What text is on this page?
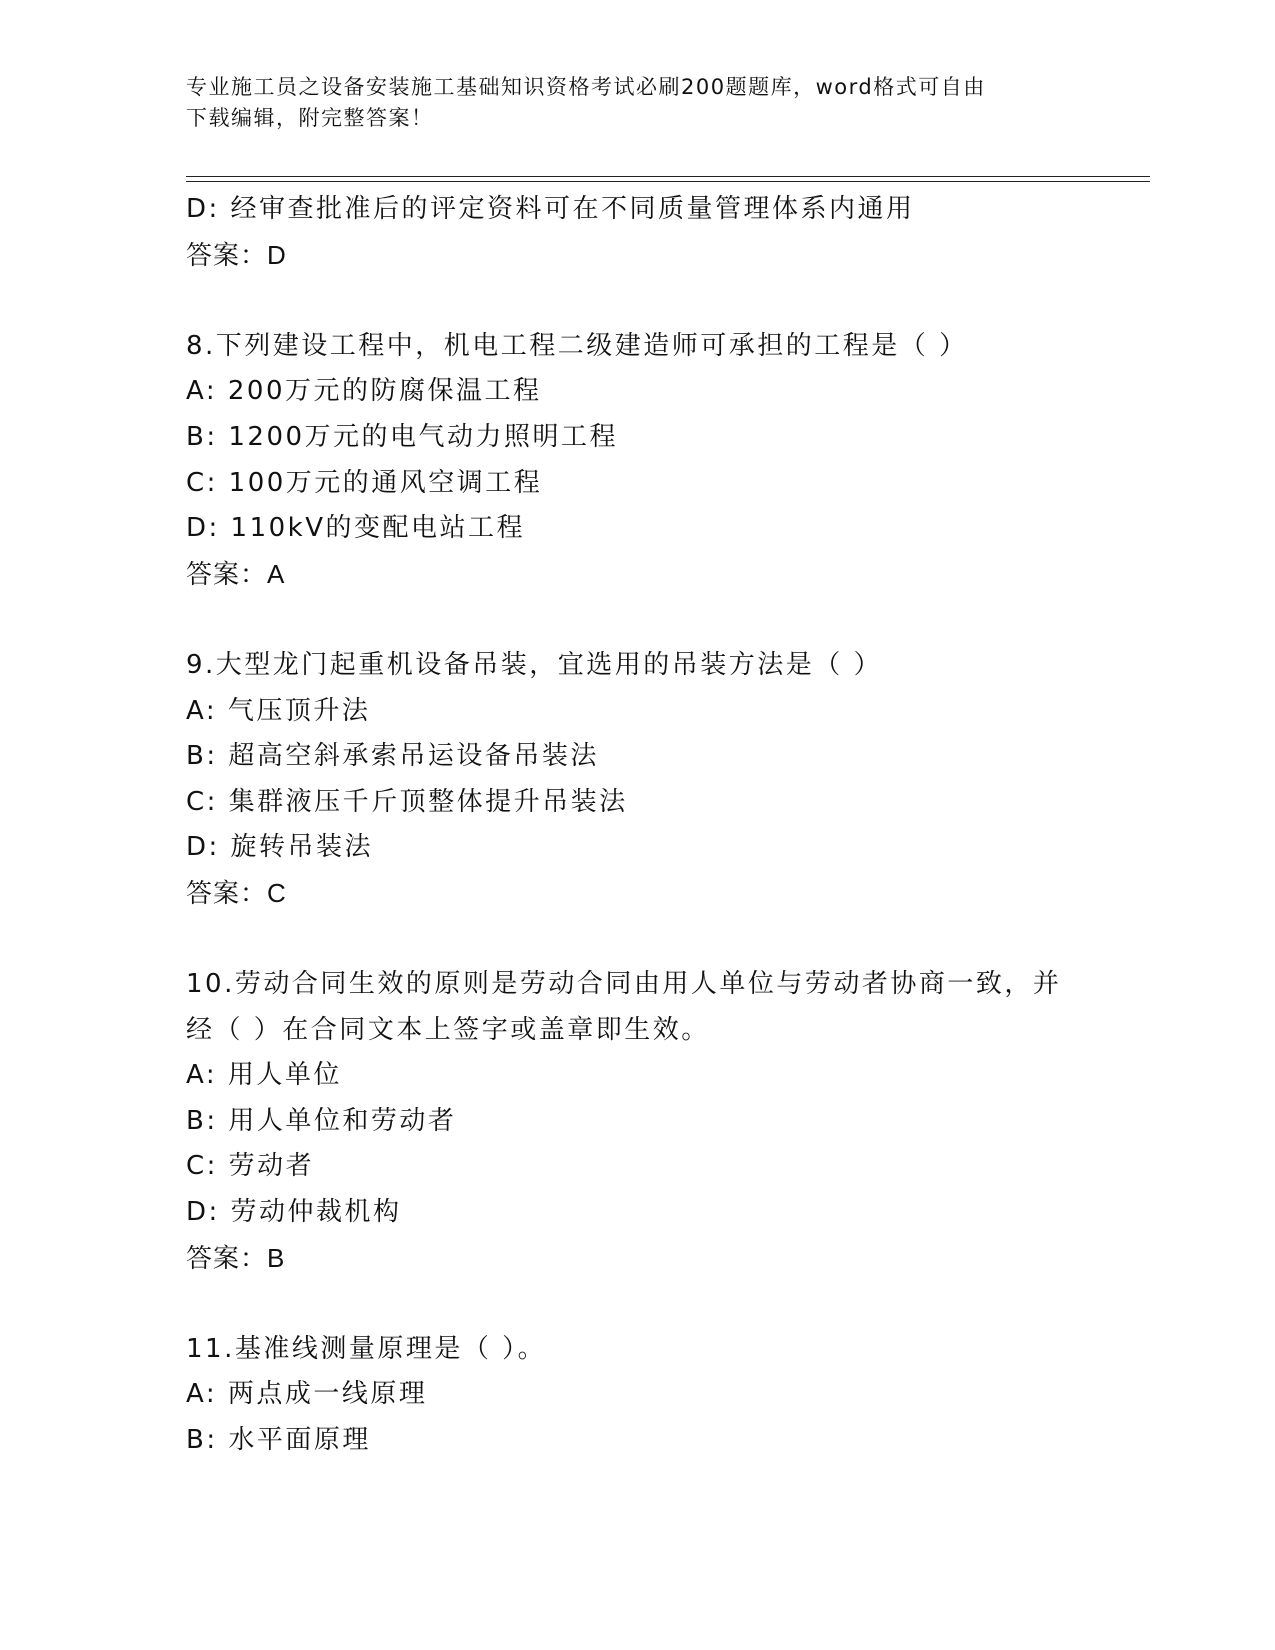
专业施工员之设备安装施工基础知识资格考试必刷200题题库，word格式可自由
下载编辑，附完整答案！
D: 经审查批准后的评定资料可在不同质量管理体系内通用
答案：D
8.下列建设工程中，机电工程二级建造师可承担的工程是（ ）
A: 200万元的防腐保温工程
B: 1200万元的电气动力照明工程
C: 100万元的通风空调工程
D: 110kV的变配电站工程
答案：A
9.大型龙门起重机设备吊装，宜选用的吊装方法是（ ）
A: 气压顶升法
B: 超高空斜承索吊运设备吊装法
C: 集群液压千斤顶整体提升吊装法
D: 旋转吊装法
答案：C
10.劳动合同生效的原则是劳动合同由用人单位与劳动者协商一致，并
经（ ）在合同文本上签字或盖章即生效。
A: 用人单位
B: 用人单位和劳动者
C: 劳动者
D: 劳动仲裁机构
答案：B
11.基准线测量原理是（ ）。
A: 两点成一线原理
B: 水平面原理
